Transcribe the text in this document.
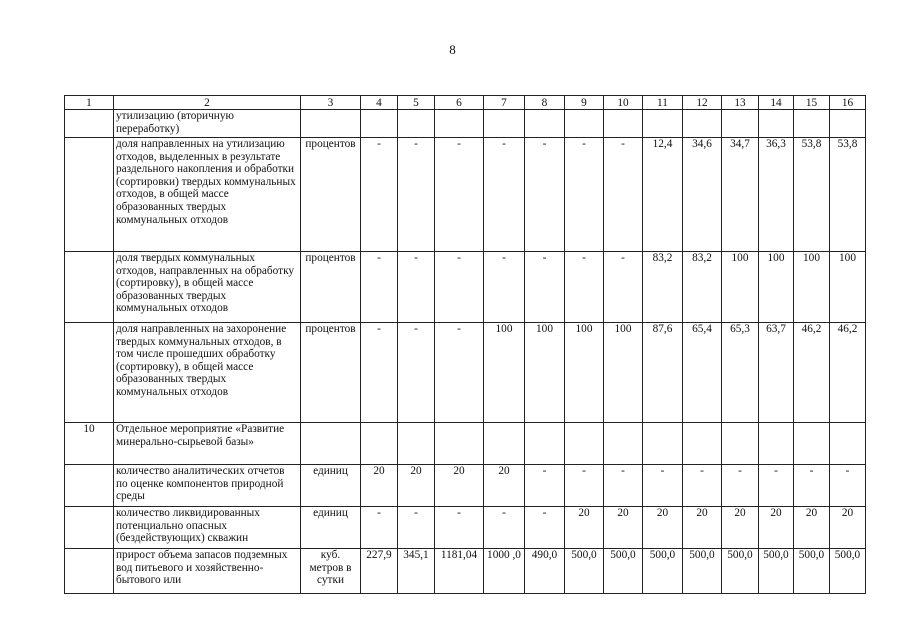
8
1	2	3	4	5	6	7	8	9	10	11	12	13	14	15	16
	утилизацию (вторичную переработку)														
	доля направленных на утилизацию отходов, выделенных в результате раздельного накопления и обработки (сортировки) твердых коммунальных отходов, в общей массе образованных твердых коммунальных отходов	процентов	-	-	-	-	-	-	-	12,4	34,6	34,7	36,3	53,8	53,8
	доля твердых коммунальных отходов, направленных на обработку (сортировку), в общей массе образованных твердых коммунальных отходов	процентов	-	-	-	-	-	-	-	83,2	83,2	100	100	100	100
	доля направленных на захоронение твердых коммунальных отходов, в том числе прошедших обработку (сортировку), в общей массе образованных твердых коммунальных отходов	процентов	-	-	-	100	100	100	100	87,6	65,4	65,3	63,7	46,2	46,2
10	Отдельное мероприятие «Развитие минерально-сырьевой базы»														
	количество аналитических отчетов по оценке компонентов природной среды	единиц	20	20	20	20	-	-	-	-	-	-	-	-	-
	количество ликвидированных потенциально опасных (бездействующих) скважин	единиц	-	-	-	-	-	20	20	20	20	20	20	20	20
	прирост объема запасов подземных вод питьевого и хозяйственно-бытового или	куб. метров в сутки	227,9	345,1	1181,04	1000 ,0	490,0	500,0	500,0	500,0	500,0	500,0	500,0	500,0	500,0
